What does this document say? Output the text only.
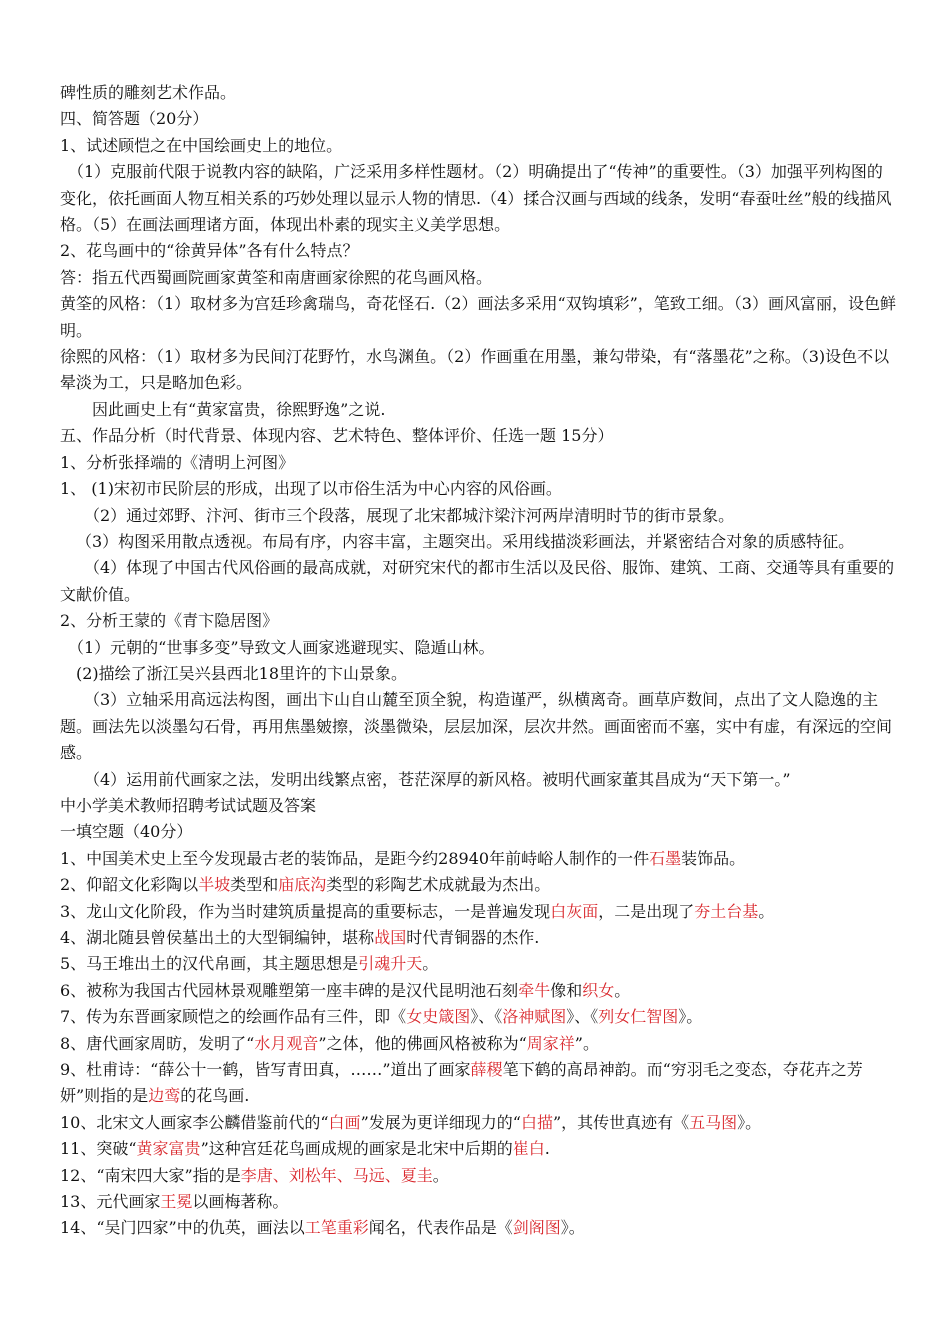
碑性质的雕刻艺术作品。
四、简答题（20分）
1、试述顾恺之在中国绘画史上的地位。
（1）克服前代限于说教内容的缺陷，广泛采用多样性题材。（2）明确提出了“传神”的重要性。（3）加强平列构图的变化，依托画面人物互相关系的巧妙处理以显示人物的情思.（4）揉合汉画与西域的线条，发明“春蚕吐丝”般的线描风格。（5）在画法画理诸方面，体现出朴素的现实主义美学思想。
2、花鸟画中的“徐黄异体”各有什么特点？
答：指五代西蜀画院画家黄筌和南唐画家徐熙的花鸟画风格。
黄筌的风格：（1）取材多为宫廷珍禽瑞鸟，奇花怪石.（2）画法多采用“双钩填彩”，笔致工细。（3）画风富丽，设色鲜明。
徐熙的风格：（1）取材多为民间汀花野竹，水鸟渊鱼。（2）作画重在用墨，兼勾带染，有“落墨花”之称。（3)设色不以晕淡为工，只是略加色彩。
因此画史上有“黄家富贵，徐熙野逸”之说.
五、作品分析（时代背景、体现内容、艺术特色、整体评价、任选一题 15分）
1、分析张择端的《清明上河图》
1、 (1)宋初市民阶层的形成，出现了以市俗生活为中心内容的风俗画。
（2）通过郊野、汴河、街市三个段落，展现了北宋都城汴梁汴河两岸清明时节的街市景象。
（3）构图采用散点透视。布局有序，内容丰富，主题突出。采用线描淡彩画法，并紧密结合对象的质感特征。
（4）体现了中国古代风俗画的最高成就，对研究宋代的都市生活以及民俗、服饰、建筑、工商、交通等具有重要的文献价值。
2、分析王蒙的《青卞隐居图》
（1）元朝的“世事多变”导致文人画家逃避现实、隐遁山林。
(2)描绘了浙江吴兴县西北18里许的卞山景象。
（3）立轴采用高远法构图，画出卞山自山麓至顶全貌，构造谨严，纵横离奇。画草庐数间，点出了文人隐逸的主题。画法先以淡墨勾石骨，再用焦墨皴擦，淡墨微染，层层加深，层次井然。画面密而不塞，实中有虚，有深远的空间感。
（4）运用前代画家之法，发明出线繁点密，苍茫深厚的新风格。被明代画家董其昌成为“天下第一。”
中小学美术教师招聘考试试题及答案
一填空题（40分）
1、中国美术史上至今发现最古老的装饰品，是距今约28940年前峙峪人制作的一件石墨装饰品。
2、仰韶文化彩陶以半坡类型和庙底沟类型的彩陶艺术成就最为杰出。
3、龙山文化阶段，作为当时建筑质量提高的重要标志，一是普遍发现白灰面，二是出现了夯土台基。
4、湖北随县曾侯墓出土的大型铜编钟，堪称战国时代青铜器的杰作.
5、马王堆出土的汉代帛画，其主题思想是引魂升天。
6、被称为我国古代园林景观雕塑第一座丰碑的是汉代昆明池石刻牵牛像和织女。
7、传为东晋画家顾恺之的绘画作品有三件，即《女史箴图》、《洛神赋图》、《列女仁智图》。
8、唐代画家周昉，发明了“水月观音”之体，他的佛画风格被称为“周家祥”。
9、杜甫诗：“薛公十一鹤，皆写青田真，……”道出了画家薛稷笔下鹤的高昂神韵。而“穷羽毛之变态，夺花卉之芳妍”则指的是边鸾的花鸟画.
10、北宋文人画家李公麟借鉴前代的“白画”发展为更详细现力的“白描”，其传世真迹有《五马图》。
11、突破“黄家富贵”这种宫廷花鸟画成规的画家是北宋中后期的崔白.
12、“南宋四大家”指的是李唐、刘松年、马远、夏圭。
13、元代画家王冕以画梅著称。
14、“吴门四家”中的仇英，画法以工笔重彩闻名，代表作品是《剑阁图》。
